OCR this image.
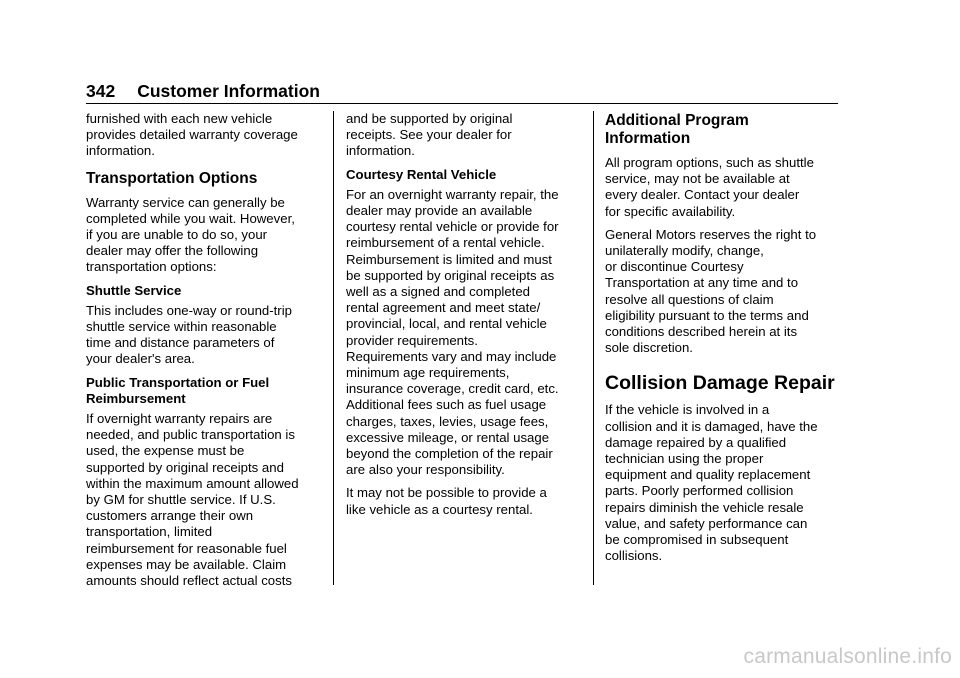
342 Customer Information

furnished with each new vehicle
provides detailed warranty coverage
information.

Transportation Options

Warranty service can generally be
completed while you wait. However,
if you are unable to do so, your
dealer may offer the following
transportation options:

Shuttle Service

This includes one-way or round-trip
shuttle service within reasonable
time and distance parameters of
your dealer's area.

Public Transportation or Fuel
Reimbursement

If overnight warranty repairs are
needed, and public transportation is
used, the expense must be
supported by original receipts and
within the maximum amount allowed
by GM for shuttle service. If U.S.
customers arrange their own
transportation, limited
reimbursement for reasonable fuel
expenses may be available. Claim
amounts should reflect actual costs

and be supported by original
receipts. See your dealer for
information.

Courtesy Rental Vehicle

For an overnight warranty repair, the
dealer may provide an available
courtesy rental vehicle or provide for
reimbursement of a rental vehicle.
Reimbursement is limited and must
be supported by original receipts as
well as a signed and completed
rental agreement and meet state/
provincial, local, and rental vehicle
provider requirements.
Requirements vary and may include
minimum age requirements,
insurance coverage, credit card, etc.
Additional fees such as fuel usage
charges, taxes, levies, usage fees,
excessive mileage, or rental usage
beyond the completion of the repair
are also your responsibility.

It may not be possible to provide a
like vehicle as a courtesy rental.

Additional Program
Information

All program options, such as shuttle
service, may not be available at
every dealer. Contact your dealer
for specific availability.

General Motors reserves the right to
unilaterally modify, change,
or discontinue Courtesy
Transportation at any time and to
resolve all questions of claim
eligibility pursuant to the terms and
conditions described herein at its
sole discretion.

Collision Damage Repair

If the vehicle is involved in a
collision and it is damaged, have the
damage repaired by a qualified
technician using the proper
equipment and quality replacement
parts. Poorly performed collision
repairs diminish the vehicle resale
value, and safety performance can
be compromised in subsequent
collisions.

carmanualsonline.info
